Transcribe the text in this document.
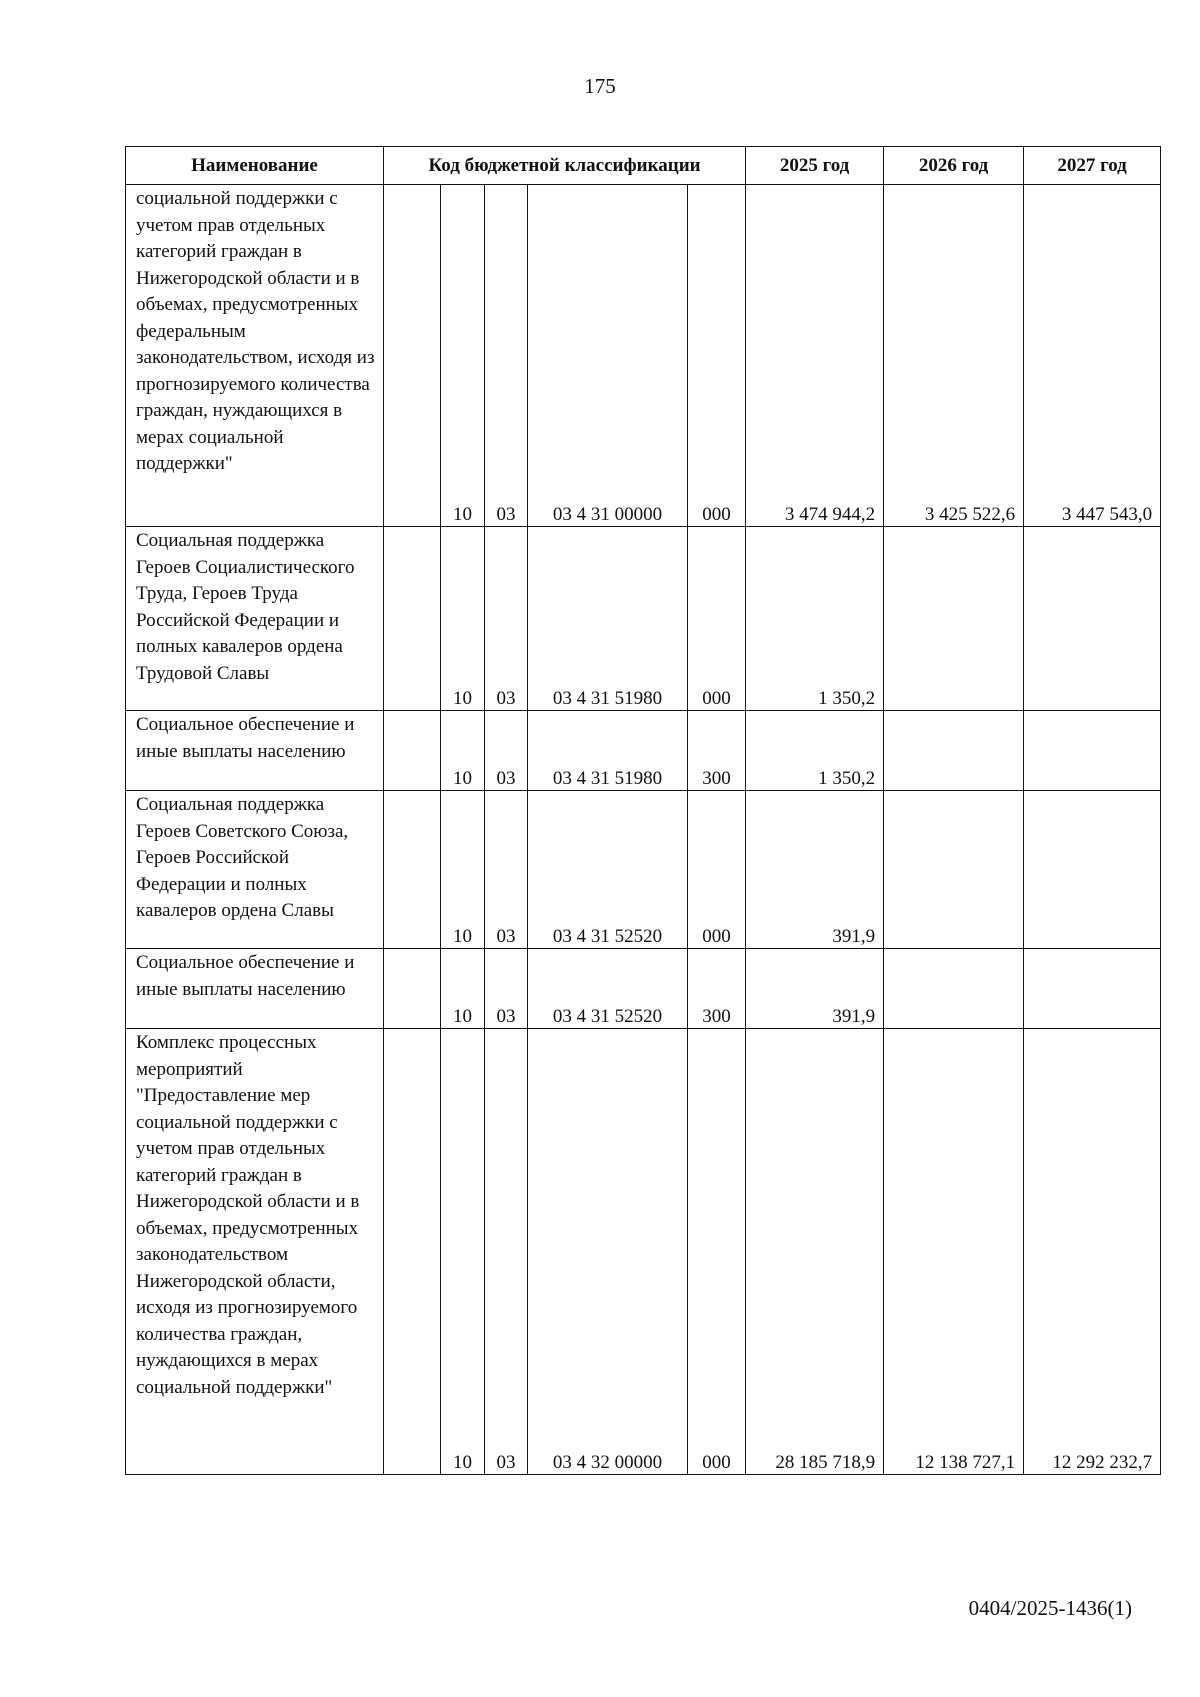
175
Наименование	Код бюджетной классификации					2025 год	2026 год	2027 год
социальной поддержки с учетом прав отдельных категорий граждан в Нижегородской области и в объемах, предусмотренных федеральным законодательством, исходя из прогнозируемого количества граждан, нуждающихся в мерах социальной поддержки"		10	03	03 4 31 00000	000	3 474 944,2	3 425 522,6	3 447 543,0
Социальная поддержка Героев Социалистического Труда, Героев Труда Российской Федерации и полных кавалеров ордена Трудовой Славы		10	03	03 4 31 51980	000	1 350,2		
Социальное обеспечение и иные выплаты населению		10	03	03 4 31 51980	300	1 350,2		
Социальная поддержка Героев Советского Союза, Героев Российской Федерации и полных кавалеров ордена Славы		10	03	03 4 31 52520	000	391,9		
Социальное обеспечение и иные выплаты населению		10	03	03 4 31 52520	300	391,9		
Комплекс процессных мероприятий "Предоставление мер социальной поддержки с учетом прав отдельных категорий граждан в Нижегородской области и в объемах, предусмотренных законодательством Нижегородской области, исходя из прогнозируемого количества граждан, нуждающихся в мерах социальной поддержки"		10	03	03 4 32 00000	000	28 185 718,9	12 138 727,1	12 292 232,7
0404/2025-1436(1)
